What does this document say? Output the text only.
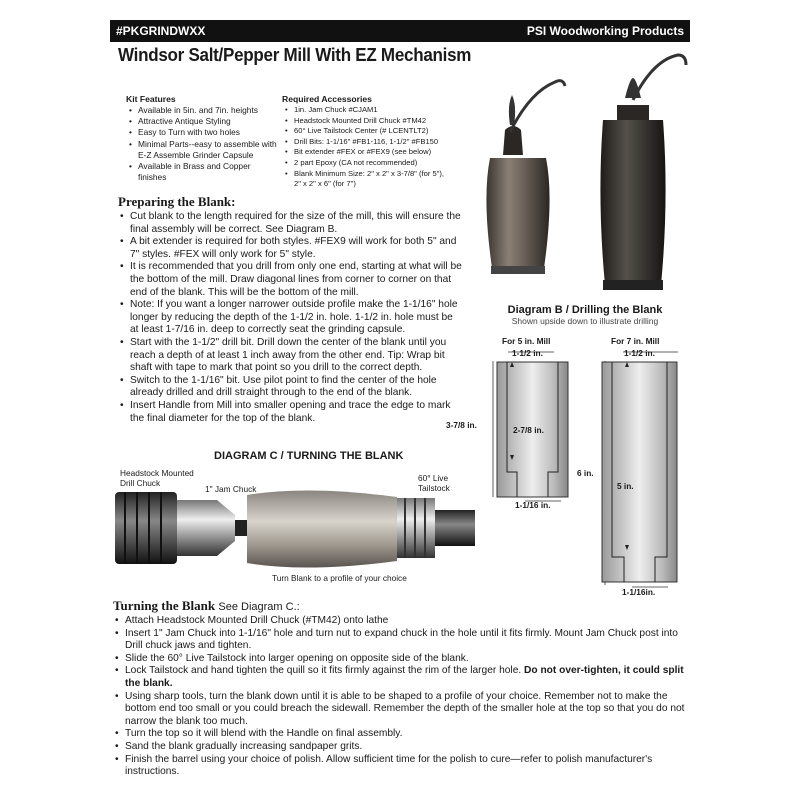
#PKGRINDWXX	PSI Woodworking Products
Windsor Salt/Pepper Mill With EZ Mechanism
Kit Features
• Available in 5in. and 7in. heights
• Attractive Antique Styling
• Easy to Turn with two holes
• Minimal Parts--easy to assemble with E-Z Assemble Grinder Capsule
• Available in Brass and Copper finishes
Required Accessories
• 1in. Jam Chuck #CJAM1
• Headstock Mounted Drill Chuck #TM42
• 60° Live Tailstock Center (# LCENTLT2)
• Drill Bits: 1-1/16" #FB1-116, 1-1/2" #FB150
• Bit extender #FEX or #FEX9 (see below)
• 2 part Epoxy (CA not recommended)
• Blank Minimum Size: 2" x 2" x 3-7/8" (for 5"), 2" x 2" x 6" (for 7")
Preparing the Blank:
• Cut blank to the length required for the size of the mill, this will ensure the final assembly will be correct. See Diagram B.
• A bit extender is required for both styles. #FEX9 will work for both 5" and 7" styles. #FEX will only work for 5" style.
• It is recommended that you drill from only one end, starting at what will be the bottom of the mill. Draw diagonal lines from corner to corner on that end of the blank. This will be the bottom of the mill.
• Note: If you want a longer narrower outside profile make the 1-1/16" hole longer by reducing the depth of the 1-1/2 in. hole. 1-1/2 in. hole must be at least 1-7/16 in. deep to correctly seat the grinding capsule.
• Start with the 1-1/2" drill bit. Drill down the center of the blank until you reach a depth of at least 1 inch away from the other end. Tip: Wrap bit shaft with tape to mark that point so you drill to the correct depth.
• Switch to the 1-1/16" bit. Use pilot point to find the center of the hole already drilled and drill straight through to the end of the blank.
• Insert Handle from Mill into smaller opening and trace the edge to mark the final diameter for the top of the blank.
DIAGRAM C / TURNING THE BLANK
Headstock Mounted Drill Chuck
1" Jam Chuck
60° Live Tailstock
Turn Blank to a profile of your choice
Diagram B / Drilling the Blank
Shown upside down to illustrate drilling
For 5 in. Mill	For 7 in. Mill
1-1/2 in.
3-7/8 in.	2-7/8 in.
1-1/16 in.
1-1/2 in.
6 in.
5 in.
1-1/16in.
Turning the Blank See Diagram C.:
• Attach Headstock Mounted Drill Chuck (#TM42) onto lathe
• Insert 1" Jam Chuck into 1-1/16" hole and turn nut to expand chuck in the hole until it fits firmly. Mount Jam Chuck post into Drill chuck jaws and tighten.
• Slide the 60° Live Tailstock into larger opening on opposite side of the blank.
• Lock Tailstock and hand tighten the quill so it fits firmly against the rim of the larger hole. Do not over-tighten, it could split the blank.
• Using sharp tools, turn the blank down until it is able to be shaped to a profile of your choice. Remember not to make the bottom end too small or you could breach the sidewall. Remember the depth of the smaller hole at the top so that you do not narrow the blank too much.
• Turn the top so it will blend with the Handle on final assembly.
• Sand the blank gradually increasing sandpaper grits.
• Finish the barrel using your choice of polish. Allow sufficient time for the polish to cure—refer to polish manufacturer's instructions.
